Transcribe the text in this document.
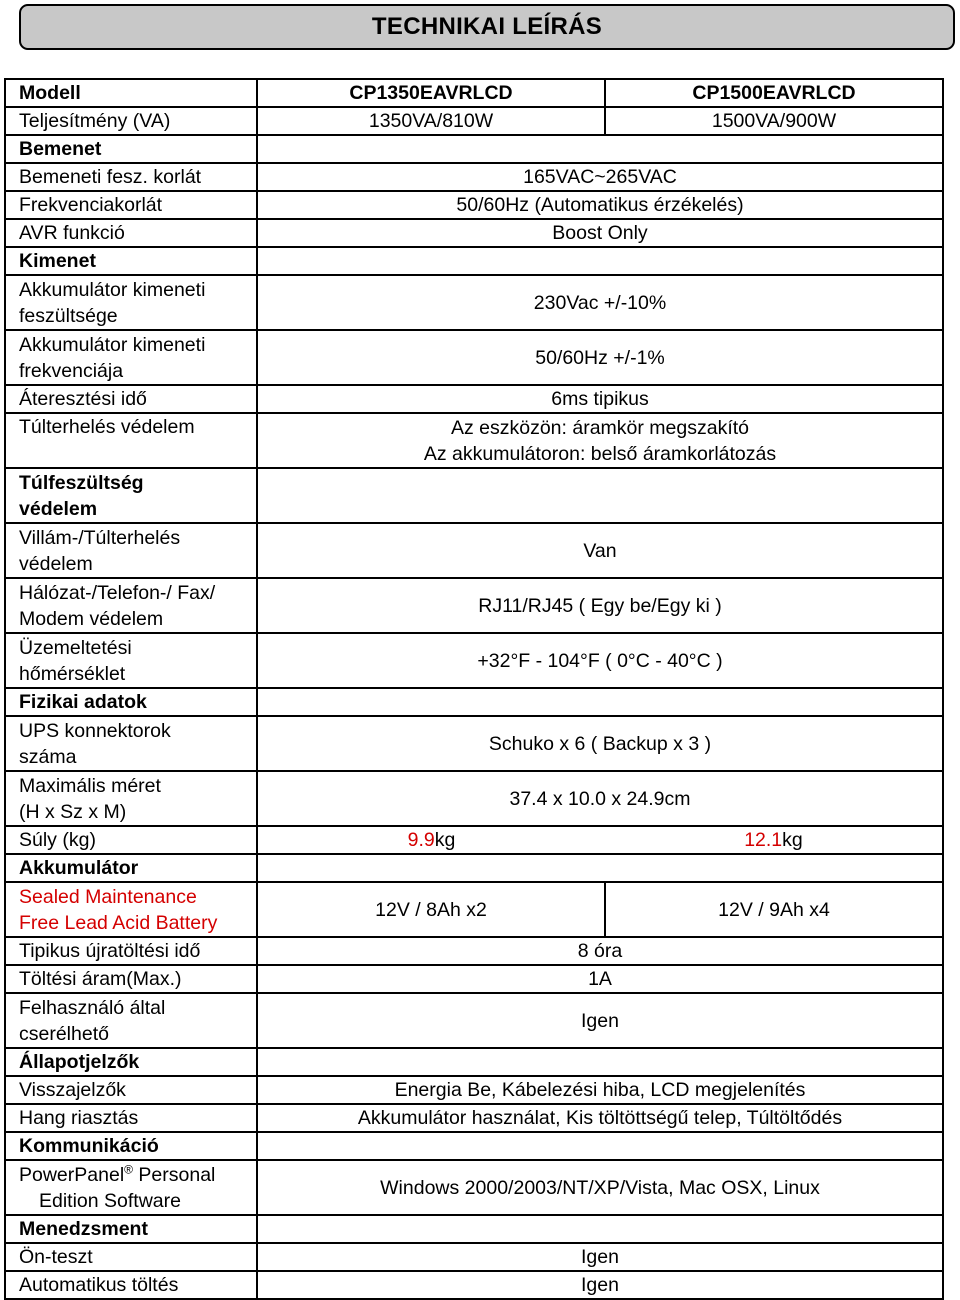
TECHNIKAI LEÍRÁS
Modell	CP1350EAVRLCD	CP1500EAVRLCD
Teljesítmény (VA)	1350VA/810W	1500VA/900W
Bemenet		
Bemeneti fesz. korlát	165VAC~265VAC	
Frekvenciakorlát	50/60Hz (Automatikus érzékelés)	
AVR funkció	Boost Only	
Kimenet		

Akkumulátor kimeneti
feszültsége	230Vac +/-10%	

Akkumulátor kimeneti
frekvenciája	50/60Hz +/-1%	
Áteresztési idő	6ms tipikus	
Túlterhelés védelem	Az eszközön: áramkör megszakító
Az akkumulátoron: belső áramkorlátozás	

Túlfeszültség
védelem		

Villám-/Túlterhelés
védelem	Van	

Hálózat-/Telefon-/ Fax/
Modem védelem	RJ11/RJ45 ( Egy be/Egy ki )	

Üzemeltetési
hőmérséklet	+32°F - 104°F ( 0°C - 40°C )	
Fizikai adatok		

UPS konnektorok
száma	Schuko x 6 ( Backup x 3 )	

Maximális méret
(H x Sz x M)	37.4 x 10.0 x 24.9cm	
Súly (kg)	9.9kg 12.1kg	

Akkumulátor		

Sealed Maintenance
Free Lead Acid Battery	12V / 8Ah x2	12V / 9Ah x4
Tipikus újratöltési idő	8 óra	
Töltési áram(Max.)	1A	

Felhasználó által
cserélhető	Igen	
Állapotjelzők		
Visszajelzők	Energia Be, Kábelezési hiba, LCD megjelenítés	
Hang riasztás	Akkumulátor használat, Kis töltöttségű telep, Túltöltődés	
Kommunikáció		

PowerPanel® Personal
Edition Software	Windows 2000/2003/NT/XP/Vista, Mac OSX, Linux	
Menedzsment		
Ön-teszt	Igen	
Automatikus töltés	Igen	
